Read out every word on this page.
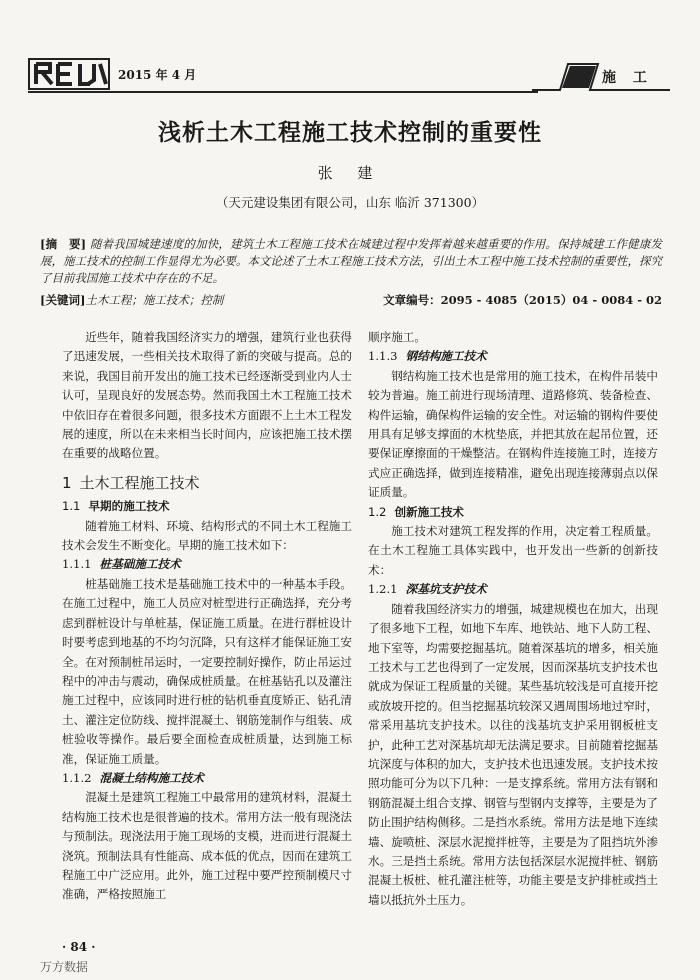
2015 年 4 月	施 工
浅析土木工程施工技术控制的重要性
张 建
（天元建设集团有限公司，山东 临沂 371300）
[摘　要] 随着我国城建速度的加快，建筑土木工程施工技术在城建过程中发挥着越来越重要的作用。保持城建工作健康发展，施工技术的控制工作显得尤为必要。本文论述了土木工程施工技术方法，引出土木工程中施工技术控制的重要性，探究了目前我国施工技术中存在的不足。
[关键词]土木工程；施工技术；控制	文章编号：2095 - 4085（2015）04 - 0084 - 02

近些年，随着我国经济实力的增强，建筑行业也获得了迅速发展，一些相关技术取得了新的突破与提高。总的来说，我国目前开发出的施工技术已经逐渐受到业内人士认可，呈现良好的发展态势。然而我国土木工程施工技术中依旧存在着很多问题，很多技术方面跟不上土木工程发展的速度，所以在未来相当长时间内，应该把施工技术摆在重要的战略位置。

1 土木工程施工技术
1.1 早期的施工技术

随着施工材料、环境、结构形式的不同土木工程施工技术会发生不断变化。早期的施工技术如下：

1.1.1 桩基础施工技术

桩基础施工技术是基础施工技术中的一种基本手段。在施工过程中，施工人员应对桩型进行正确选择，充分考虑到群桩设计与单桩基，保证施工质量。在进行群桩设计时要考虑到地基的不均匀沉降，只有这样才能保证施工安全。在对预制桩吊运时，一定要控制好操作，防止吊运过程中的冲击与震动，确保成桩质量。在桩基钻孔以及灌注施工过程中，应该同时进行桩的钻机垂直度矫正、钻孔清土、灌注定位防线、搅拌混凝土、钢筋笼制作与组装、成桩验收等操作。最后要全面检查成桩质量，达到施工标准，保证施工质量。

1.1.2 混凝土结构施工技术

混凝土是建筑工程施工中最常用的建筑材料，混凝土结构施工技术也是很普遍的技术。常用方法一般有现浇法与预制法。现浇法用于施工现场的支模，进而进行混凝土浇筑。预制法具有性能高、成本低的优点，因而在建筑工程施工中广泛应用。此外，施工过程中要严控预制模尺寸准确，严格按照施工

顺序施工。

1.1.3 钢结构施工技术

钢结构施工技术也是常用的施工技术，在构件吊装中较为普遍。施工前进行现场清理、道路修筑、装备检查、构件运输，确保构件运输的安全性。对运输的钢构件要使用具有足够支撑面的木枕垫底，并把其放在起吊位置，还要保证摩擦面的干燥整洁。在钢构件连接施工时，连接方式应正确选择，做到连接精准，避免出现连接薄弱点以保证质量。

1.2 创新施工技术

施工技术对建筑工程发挥的作用，决定着工程质量。在土木工程施工具体实践中，也开发出一些新的创新技术：

1.2.1 深基坑支护技术

随着我国经济实力的增强，城建规模也在加大，出现了很多地下工程，如地下车库、地铁站、地下人防工程、地下室等，均需要挖掘基坑。随着深基坑的增多，相关施工技术与工艺也得到了一定发展，因而深基坑支护技术也就成为保证工程质量的关键。某些基坑较浅是可直接开挖或放坡开挖的。但当挖掘基坑较深又遇周围场地过窄时，常采用基坑支护技术。以往的浅基坑支护采用钢板桩支护，此种工艺对深基坑却无法满足要求。目前随着挖掘基坑深度与体积的加大，支护技术也迅速发展。支护技术按照功能可分为以下几种：一是支撑系统。常用方法有钢和钢筋混凝土组合支撑、钢管与型钢内支撑等，主要是为了防止围护结构侧移。二是挡水系统。常用方法是地下连续墙、旋喷桩、深层水泥搅拌桩等，主要是为了阻挡坑外渗水。三是挡土系统。常用方法包括深层水泥搅拌桩、钢筋混凝土板桩、桩孔灌注桩等，功能主要是支护排桩或挡土墙以抵抗外土压力。

· 84 ·
万方数据
